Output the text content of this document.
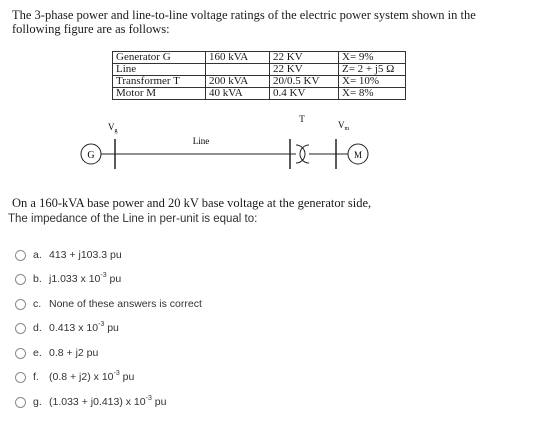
The 3-phase power and line-to-line voltage ratings of the electric power system shown in the following figure are as follows:
Generator G	160 kVA	22 KV	X= 9%
Line		22 KV	Z= 2 + j5 Ω
Transformer T	200 kVA	20/0.5 KV	X= 10%
Motor M	40 kVA	0.4 KV	X= 8%
G
$V_g$
Line
T
$V_m$
M
On a 160-kVA base power and 20 kV base voltage at the generator side,
The impedance of the Line in per-unit is equal to:
a. 413 + j103.3 pu
b. j1.033 x $10^{-3}$ pu
c. None of these answers is correct
d. 0.413 x $10^{-3}$ pu
e. 0.8 + j2 pu
f. (0.8 + j2) x $10^{-3}$ pu
g. (1.033 + j0.413) x $10^{-3}$ pu
